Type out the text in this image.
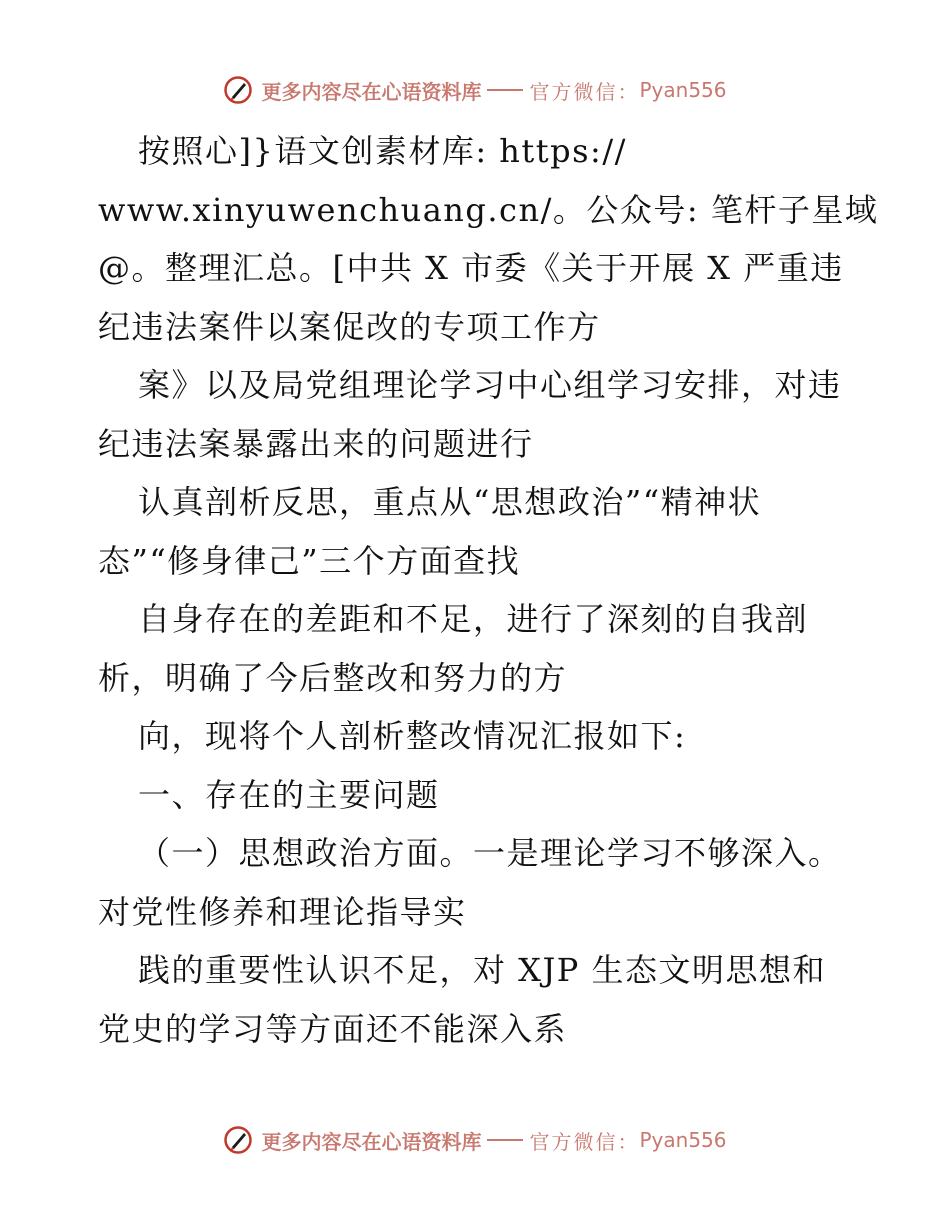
更多内容尽在心语资料库 官方微信： Pyan556
按照心]}语文创素材库: https://
www.xinyuwenchuang.cn/。公众号: 笔杆子星域
@。整理汇总。[中共 X 市委《关于开展 X 严重违
纪违法案件以案促改的专项工作方
案》以及局党组理论学习中心组学习安排，对违
纪违法案暴露出来的问题进行
认真剖析反思，重点从“思想政治”“精神状
态”“修身律己”三个方面查找
自身存在的差距和不足，进行了深刻的自我剖
析，明确了今后整改和努力的方
向，现将个人剖析整改情况汇报如下:
一、存在的主要问题
（一）思想政治方面。一是理论学习不够深入。
对党性修养和理论指导实
践的重要性认识不足，对 XJP 生态文明思想和
党史的学习等方面还不能深入系
更多内容尽在心语资料库 官方微信： Pyan556
